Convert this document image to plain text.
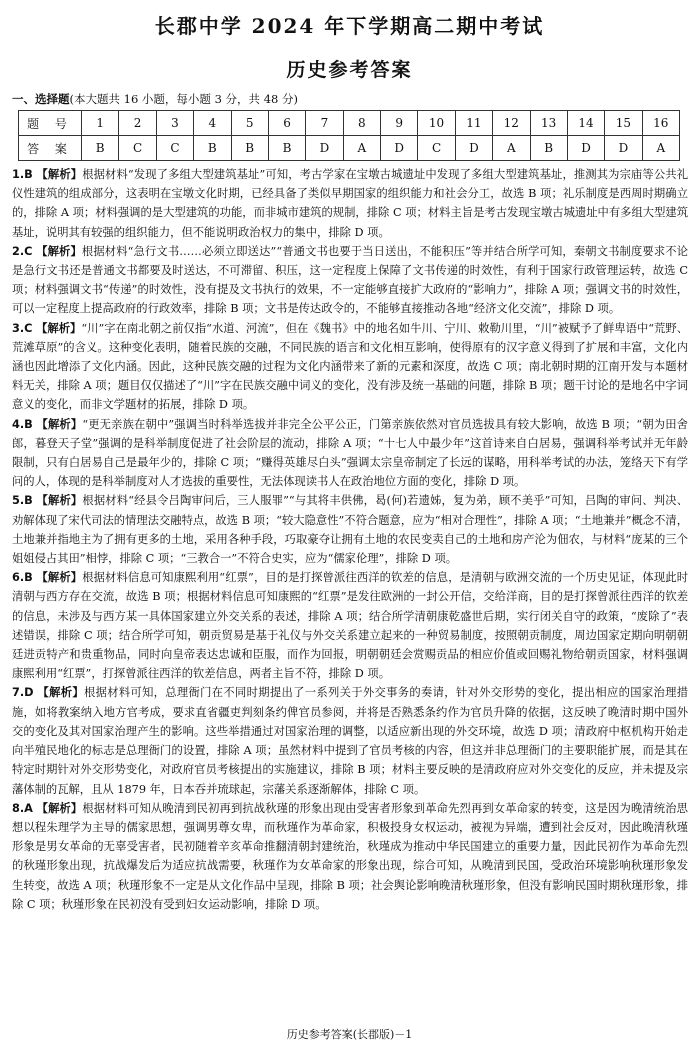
长郡中学 2024 年下学期高二期中考试
历史参考答案
一、选择题(本大题共 16 小题，每小题 3 分，共 48 分)
题 号	1	2	3	4	5	6	7	8	9	10	11	12	13	14	15	16
答 案	B	C	C	B	B	B	D	A	D	C	D	A	B	D	D	A

1.B 【解析】根据材料“发现了多组大型建筑基址”可知，考古学家在宝墩古城遗址中发现了多组大型建筑基址，推测其为宗庙等公共礼仪性建筑的组成部分，这表明在宝墩文化时期，已经具备了类似早期国家的组织能力和社会分工，故选 B 项；礼乐制度是西周时期确立的，排除 A 项；材料强调的是大型建筑的功能，而非城市建筑的规制，排除 C 项；材料主旨是考古发现宝墩古城遗址中有多组大型建筑基址，说明其有较强的组织能力，但不能说明政治权力的集中，排除 D 项。

2.C 【解析】根据材料“急行文书……必须立即送达”“普通文书也要于当日送出，不能积压”等并结合所学可知，秦朝文书制度要求不论是急行文书还是普通文书都要及时送达，不可滞留、积压，这一定程度上保障了文书传递的时效性，有利于国家行政管理运转，故选 C 项；材料强调文书“传递”的时效性，没有提及文书执行的效果，不一定能够直接扩大政府的“影响力”，排除 A 项；强调文书的时效性，可以一定程度上提高政府的行政效率，排除 B 项；文书是传达政令的，不能够直接推动各地“经济文化交流”，排除 D 项。

3.C 【解析】“川”字在南北朝之前仅指“水道、河流”，但在《魏书》中的地名如牛川、宁川、敕勒川里，“川”被赋予了鲜卑语中“荒野、荒滩草原”的含义。这种变化表明，随着民族的交融，不同民族的语言和文化相互影响，使得原有的汉字意义得到了扩展和丰富，文化内涵也因此增添了文化内涵。因此，这种民族交融的过程为文化内涵带来了新的元素和深度，故选 C 项；南北朝时期的江南开发与本题材料无关，排除 A 项；题目仅仅描述了“川”字在民族交融中词义的变化，没有涉及统一基础的问题，排除 B 项；题干讨论的是地名中字词意义的变化，而非文学题材的拓展，排除 D 项。

4.B 【解析】“更无亲族在朝中”强调当时科举选拔并非完全公平公正，门第亲族依然对官员选拔具有较大影响，故选 B 项；“朝为田舍郎，暮登天子堂”强调的是科举制度促进了社会阶层的流动，排除 A 项；“十七人中最少年”这首诗来自白居易，强调科举考试并无年龄限制，只有白居易自己是最年少的，排除 C 项；“赚得英雄尽白头”强调太宗皇帝制定了长远的谋略，用科举考试的办法，笼络天下有学问的人，体现的是科举制度对人才选拔的重要性，无法体现读书人在政治地位方面的变化，排除 D 项。

5.B 【解析】根据材料“经县令吕陶审问后，三人服罪”“与其将丰供佛，曷(何)若遗姊，复为弟，顾不美乎”可知，吕陶的审问、判决、劝解体现了宋代司法的情理法交融特点，故选 B 项；“较大隐意性”不符合题意，应为“相对合理性”，排除 A 项；“土地兼并”概念不清，土地兼并指地主为了拥有更多的土地，采用各种手段，巧取豪夺让拥有土地的农民变卖自己的土地和房产沦为佃农，与材料“庞某的三个姐姐侵占其田”相悖，排除 C 项；“三教合一”不符合史实，应为“儒家伦理”，排除 D 项。

6.B 【解析】根据材料信息可知康熙利用“红票”，目的是打探曾派往西洋的钦差的信息，是清朝与欧洲交流的一个历史见证，体现此时清朝与西方存在交流，故选 B 项；根据材料信息可知康熙的“红票”是发往欧洲的一封公开信，交给洋商，目的是打探曾派往西洋的钦差的信息，未涉及与西方某一具体国家建立外交关系的表述，排除 A 项；结合所学清朝康乾盛世后期，实行闭关自守的政策，“废除了”表述错误，排除 C 项；结合所学可知，朝贡贸易是基于礼仪与外交关系建立起来的一种贸易制度，按照朝贡制度，周边国家定期向明朝朝廷进贡特产和贵重物品，同时向皇帝表达忠诚和臣服，而作为回报，明朝朝廷会赏赐贡品的相应价值或回赐礼物给朝贡国家，材料强调康熙利用“红票”，打探曾派往西洋的钦差信息，两者主旨不符，排除 D 项。

7.D 【解析】根据材料可知，总理衙门在不同时期提出了一系列关于外交事务的奏请，针对外交形势的变化，提出相应的国家治理措施，如将教案纳入地方官考成，要求直省疆吏判刻条约俾官员参阅，并将是否熟悉条约作为官员升降的依据，这反映了晚清时期中国外交的变化及其对国家治理产生的影响。这些举措通过对国家治理的调整，以适应新出现的外交环境，故选 D 项；清政府中枢机构开始走向半殖民地化的标志是总理衙门的设置，排除 A 项；虽然材料中提到了官员考核的内容，但这并非总理衙门的主要职能扩展，而是其在特定时期针对外交形势变化，对政府官员考核提出的实施建议，排除 B 项；材料主要反映的是清政府应对外交变化的反应，并未提及宗藩体制的瓦解，且从 1879 年，日本吞并琉球起，宗藩关系逐渐解体，排除 C 项。

8.A 【解析】根据材料可知从晚清到民初再到抗战秋瑾的形象出现由受害者形象到革命先烈再到女革命家的转变，这是因为晚清统治思想以程朱理学为主导的儒家思想，强调男尊女卑，而秋瑾作为革命家，积极投身女权运动，被视为异端，遭到社会反对，因此晚清秋瑾形象是男女革命的无辜受害者，民初随着辛亥革命推翻清朝封建统治，秋瑾成为推动中华民国建立的重要力量，因此民初作为革命先烈的秋瑾形象出现，抗战爆发后为适应抗战需要，秋瑾作为女革命家的形象出现，综合可知，从晚清到民国，受政治环境影响秋瑾形象发生转变，故选 A 项；秋瑾形象不一定是从文化作品中呈现，排除 B 项；社会舆论影响晚清秋瑾形象，但没有影响民国时期秋瑾形象，排除 C 项；秋瑾形象在民初没有受到妇女运动影响，排除 D 项。

历史参考答案(长郡版)－1
